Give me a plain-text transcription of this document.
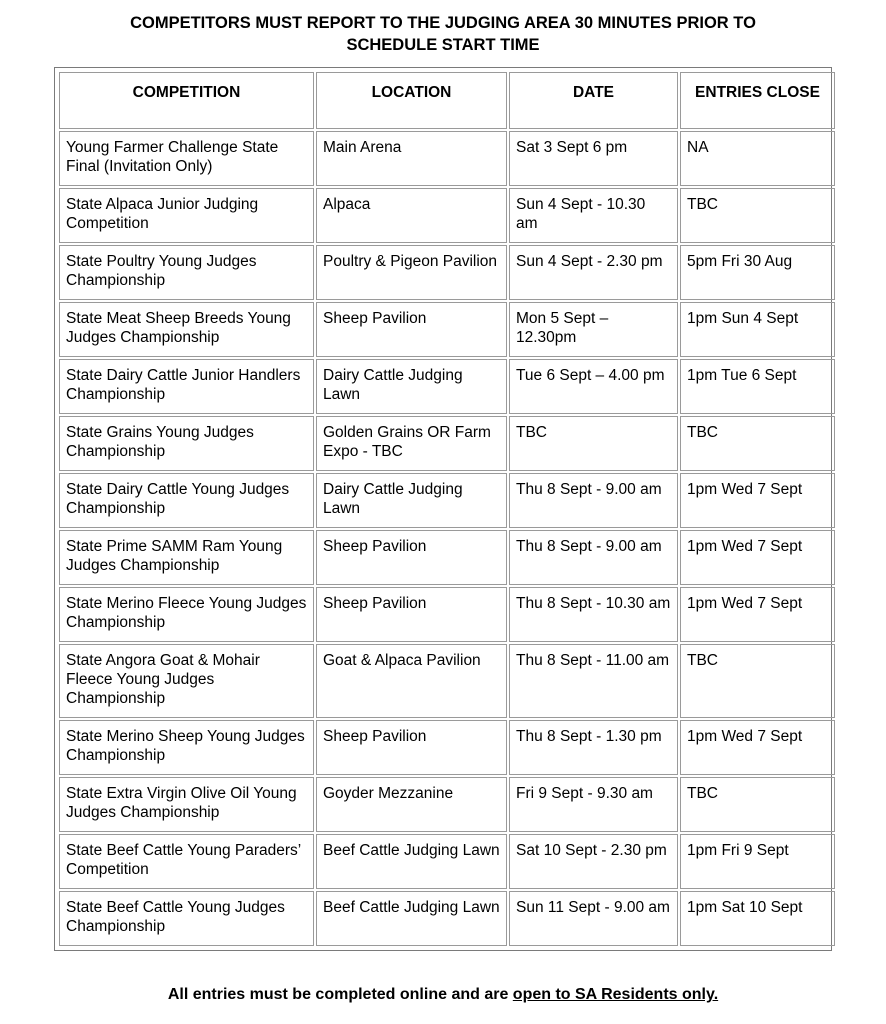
COMPETITORS MUST REPORT TO THE JUDGING AREA 30 MINUTES PRIOR TO
SCHEDULE START TIME
COMPETITION	LOCATION	DATE	ENTRIES CLOSE
Young Farmer Challenge State Final (Invitation Only)	Main Arena	Sat 3 Sept 6 pm	NA
State Alpaca Junior Judging Competition	Alpaca	Sun 4 Sept - 10.30 am	TBC
State Poultry Young Judges Championship	Poultry & Pigeon Pavilion	Sun 4 Sept - 2.30 pm	5pm Fri 30 Aug
State Meat Sheep Breeds Young Judges Championship	Sheep Pavilion	Mon 5 Sept – 12.30pm	1pm Sun 4 Sept
State Dairy Cattle Junior Handlers Championship	Dairy Cattle Judging Lawn	Tue 6 Sept – 4.00 pm	1pm Tue 6 Sept
State Grains Young Judges Championship	Golden Grains OR Farm Expo - TBC	TBC	TBC
State Dairy Cattle Young Judges Championship	Dairy Cattle Judging Lawn	Thu 8 Sept - 9.00 am	1pm Wed 7 Sept
State Prime SAMM Ram Young Judges Championship	Sheep Pavilion	Thu 8 Sept - 9.00 am	1pm Wed 7 Sept
State Merino Fleece Young Judges Championship	Sheep Pavilion	Thu 8 Sept - 10.30 am	1pm Wed 7 Sept
State Angora Goat & Mohair Fleece Young Judges Championship	Goat & Alpaca Pavilion	Thu 8 Sept - 11.00 am	TBC
State Merino Sheep Young Judges Championship	Sheep Pavilion	Thu 8 Sept - 1.30 pm	1pm Wed 7 Sept
State Extra Virgin Olive Oil Young Judges Championship	Goyder Mezzanine	Fri 9 Sept - 9.30 am	TBC
State Beef Cattle Young Paraders’ Competition	Beef Cattle Judging Lawn	Sat 10 Sept - 2.30 pm	1pm Fri 9 Sept
State Beef Cattle Young Judges Championship	Beef Cattle Judging Lawn	Sun 11 Sept - 9.00 am	1pm Sat 10 Sept
All entries must be completed online and are open to SA Residents only.
